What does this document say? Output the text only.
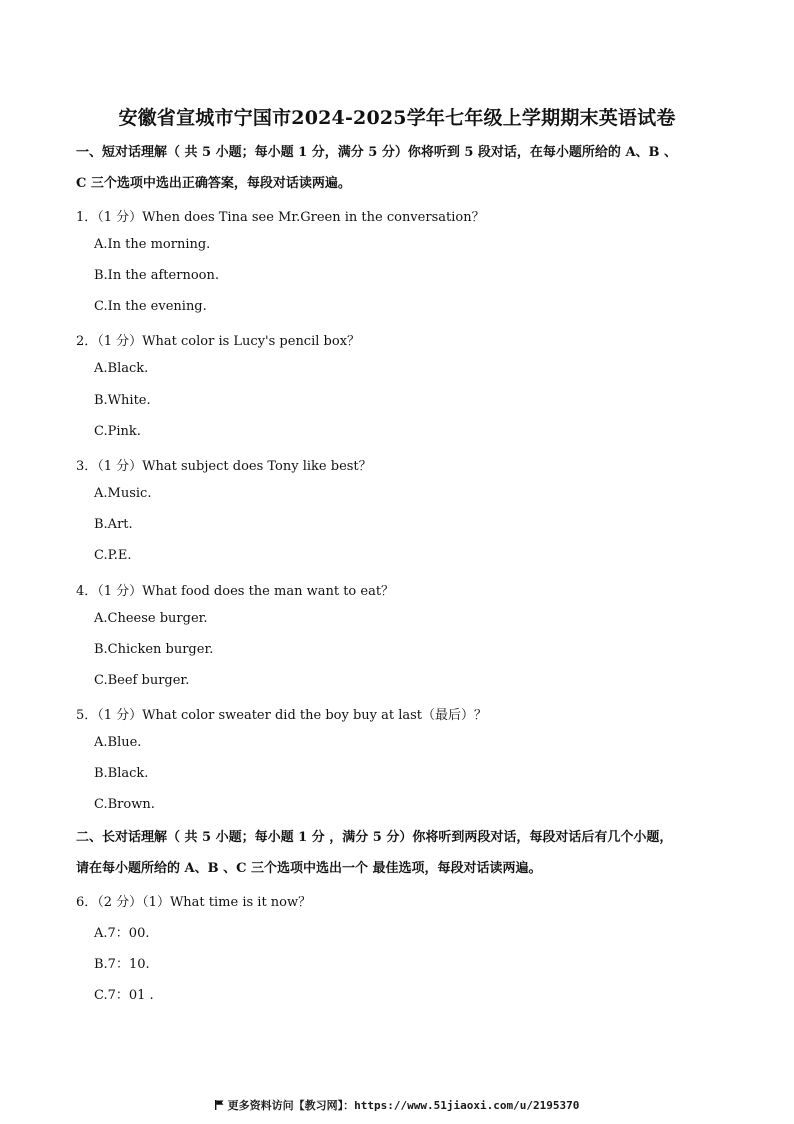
安徽省宣城市宁国市2024-2025学年七年级上学期期末英语试卷
一、短对话理解（ 共 5 小题；每小题 1 分，满分 5 分）你将听到 5 段对话，在每小题所给的 A、B 、
C 三个选项中选出正确答案，每段对话读两遍。
1．（1 分）When does Tina see Mr.Green in the conversation？
A.In the morning.
B.In the afternoon.
C.In the evening.
2．（1 分）What color is Lucy's pencil box？
A.Black.
B.White.
C.Pink.
3．（1 分）What subject does Tony like best？
A.Music.
B.Art.
C.P.E.
4．（1 分）What food does the man want to eat？
A.Cheese burger.
B.Chicken burger.
C.Beef burger.
5．（1 分）What color sweater did the boy buy at last（最后）？
A.Blue.
B.Black.
C.Brown.
二、长对话理解（ 共 5 小题；每小题 1 分 ，满分 5 分）你将听到两段对话，每段对话后有几个小题，
请在每小题所给的 A、B 、C 三个选项中选出一个 最佳选项，每段对话读两遍。
6．（2 分）（1）What time is it now？
A.7：00.
B.7：10.
C.7：01 .
更多资料访问【教习网】：https://www.51jiaoxi.com/u/2195370
